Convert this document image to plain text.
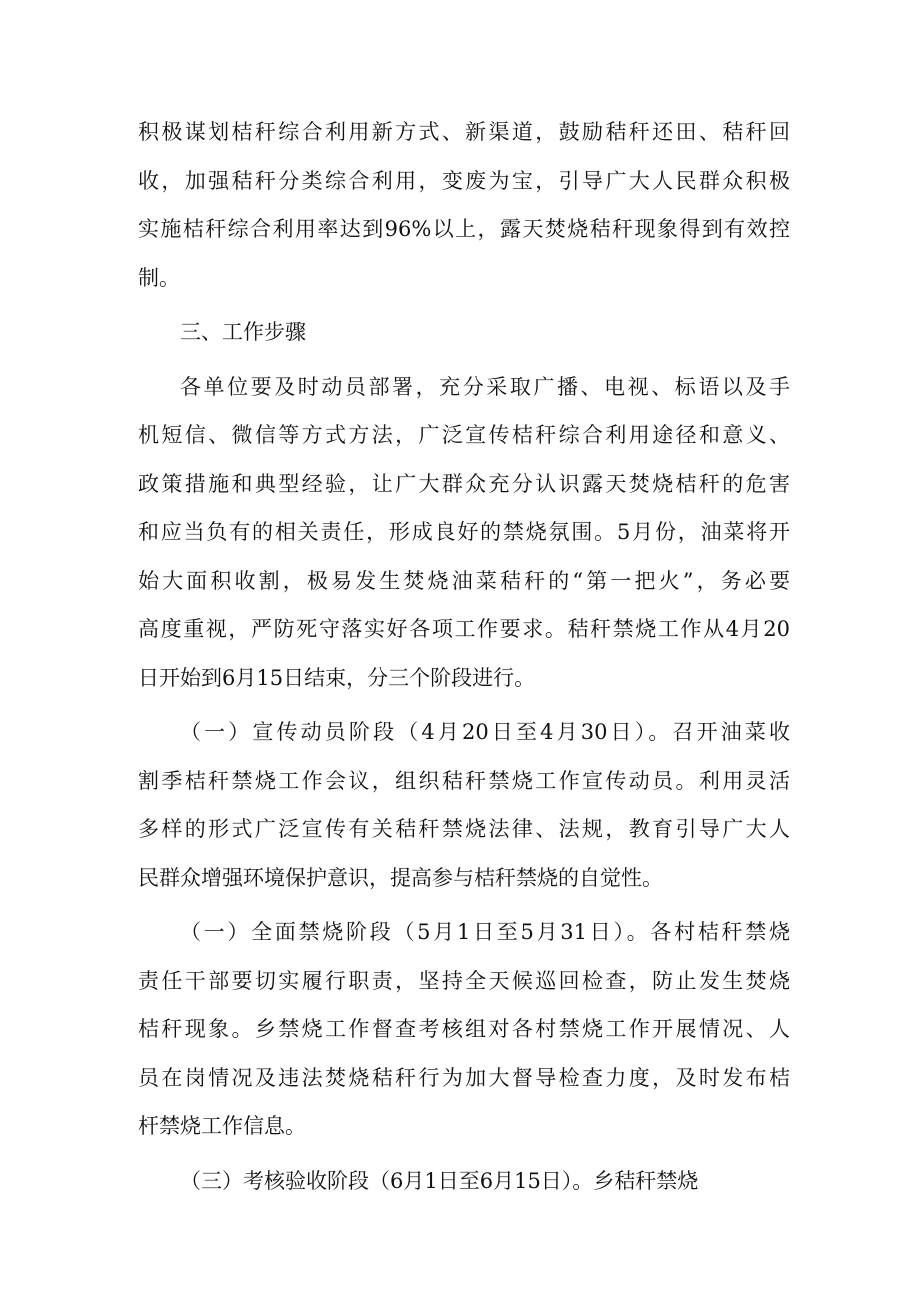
积极谋划桔秆综合利用新方式、新渠道，鼓励秸秆还田、秸秆回
收，加强秸秆分类综合利用，变废为宝，引导广大人民群众积极
实施桔秆综合利用率达到96%以上，露天焚烧秸秆现象得到有效控
制。
三、工作步骤
各单位要及时动员部署，充分采取广播、电视、标语以及手
机短信、微信等方式方法，广泛宣传桔秆综合利用途径和意义、
政策措施和典型经验，让广大群众充分认识露天焚烧桔秆的危害
和应当负有的相关责任，形成良好的禁烧氛围。5月份，油菜将开
始大面积收割，极易发生焚烧油菜秸秆的“第一把火”，务必要
高度重视，严防死守落实好各项工作要求。秸秆禁烧工作从4月20
日开始到6月15日结束，分三个阶段进行。
（一）宣传动员阶段（4月20日至4月30日）。召开油菜收
割季桔秆禁烧工作会议，组织秸秆禁烧工作宣传动员。利用灵活
多样的形式广泛宣传有关秸秆禁烧法律、法规，教育引导广大人
民群众增强环境保护意识，提高参与桔秆禁烧的自觉性。
（一）全面禁烧阶段（5月1日至5月31日）。各村桔秆禁烧
责任干部要切实履行职责，坚持全天候巡回检查，防止发生焚烧
桔秆现象。乡禁烧工作督查考核组对各村禁烧工作开展情况、人
员在岗情况及违法焚烧秸秆行为加大督导检查力度，及时发布桔
杆禁烧工作信息。
（三）考核验收阶段（6月1日至6月15日）。乡秸秆禁烧
